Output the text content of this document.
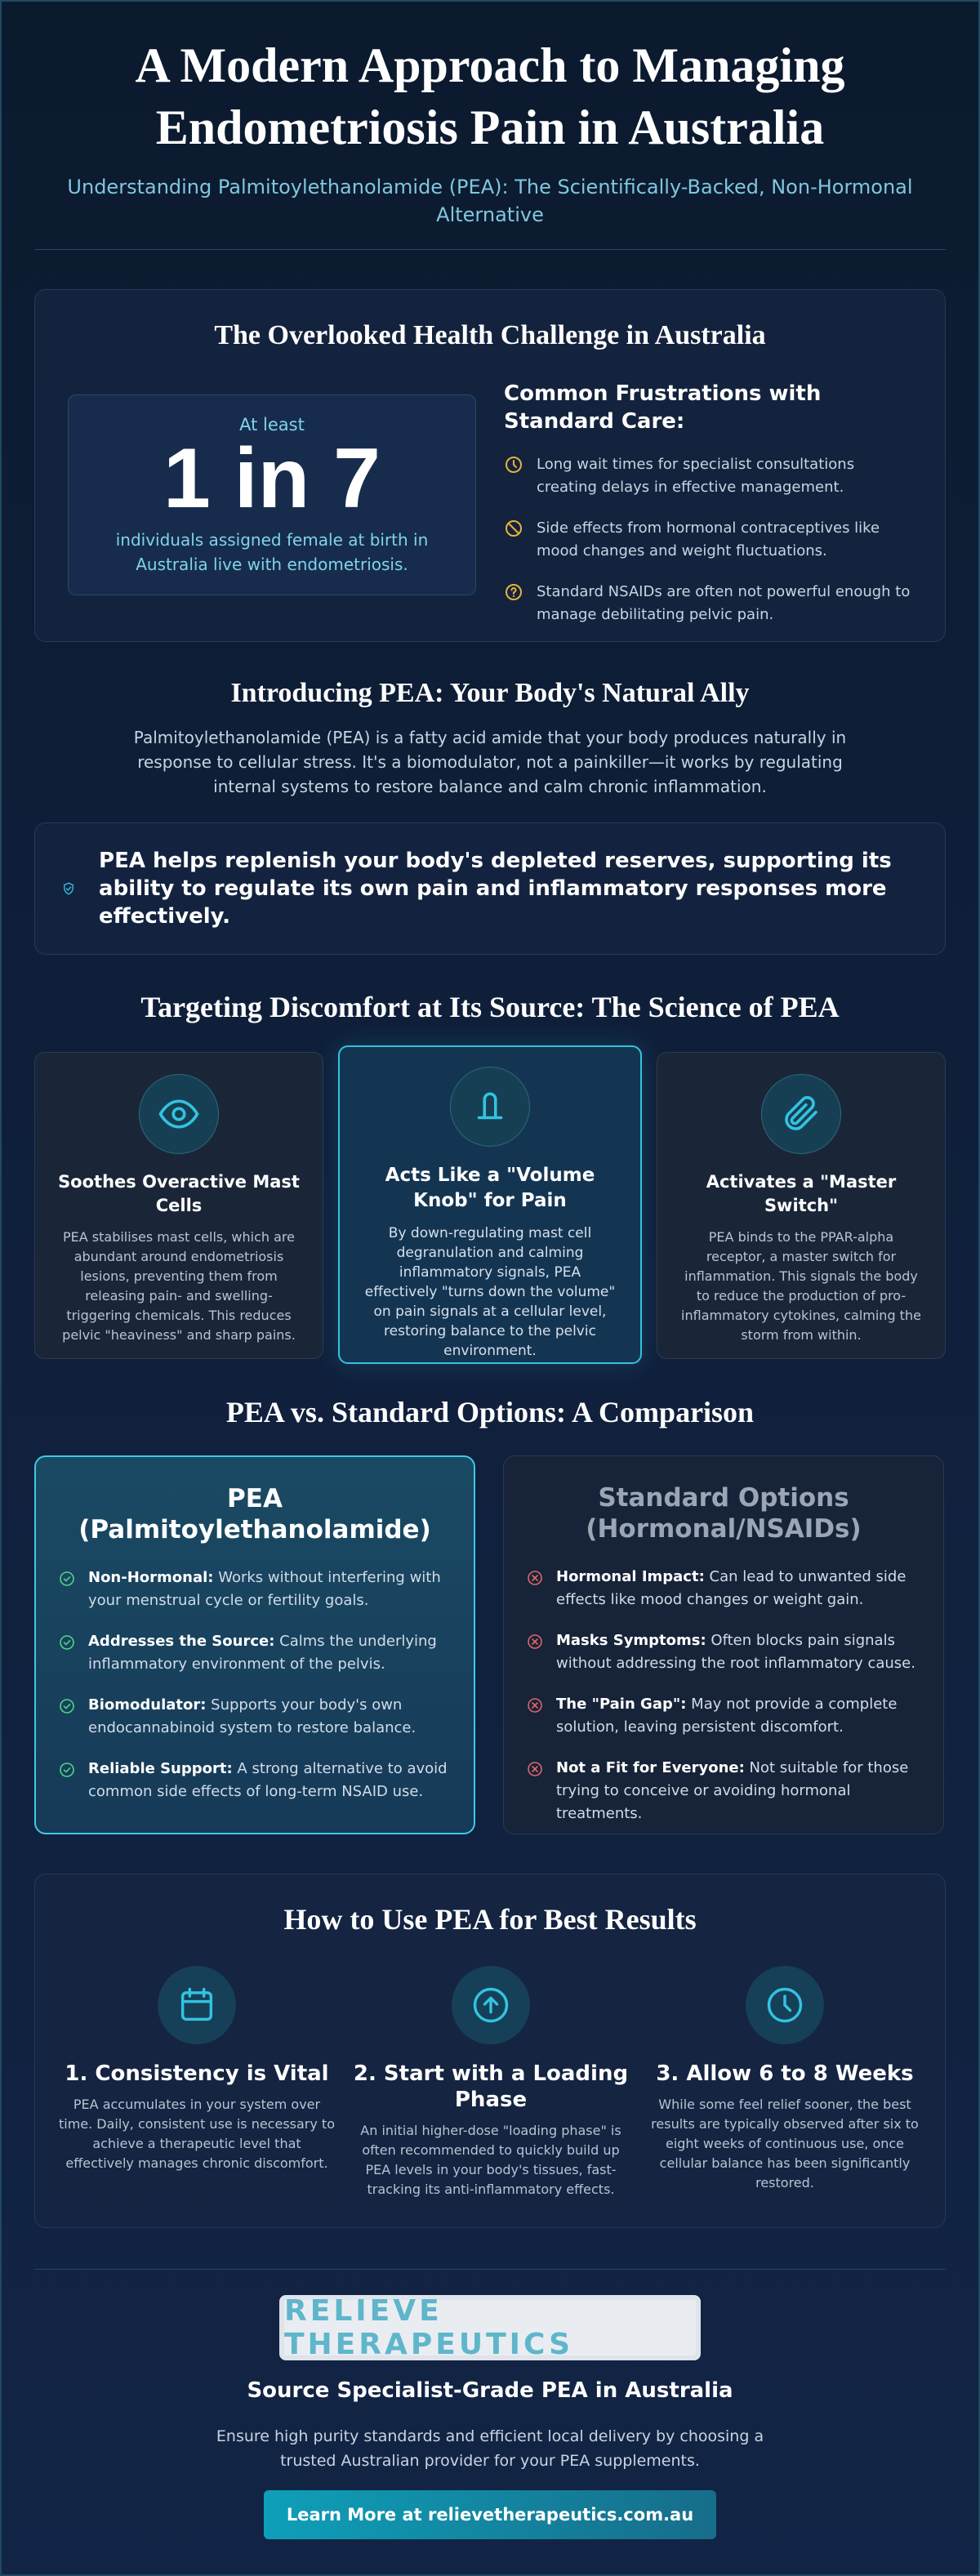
A Modern Approach to Managing
Endometriosis Pain in Australia

Understanding Palmitoylethanolamide (PEA): The Scientifically-Backed, Non-Hormonal Alternative

The Overlooked Health Challenge in Australia
At least
1 in 7
individuals assigned female at birth in Australia live with endometriosis.
Common Frustrations with Standard Care:
Long wait times for specialist consultations creating delays in effective management.
Side effects from hormonal contraceptives like mood changes and weight fluctuations.
Standard NSAIDs are often not powerful enough to manage debilitating pelvic pain.
Introducing PEA: Your Body's Natural Ally

Palmitoylethanolamide (PEA) is a fatty acid amide that your body produces naturally in response to cellular stress. It's a biomodulator, not a painkiller—it works by regulating internal systems to restore balance and calm chronic inflammation.

PEA helps replenish your body's depleted reserves, supporting its ability to regulate its own pain and inflammatory responses more effectively.
Targeting Discomfort at Its Source: The Science of PEA
Soothes Overactive Mast Cells
PEA stabilises mast cells, which are abundant around endometriosis lesions, preventing them from releasing pain- and swelling-triggering chemicals. This reduces pelvic "heaviness" and sharp pains.
Acts Like a "Volume Knob" for Pain
By down-regulating mast cell degranulation and calming inflammatory signals, PEA effectively "turns down the volume" on pain signals at a cellular level, restoring balance to the pelvic environment.
Activates a "Master Switch"
PEA binds to the PPAR-alpha receptor, a master switch for inflammation. This signals the body to reduce the production of pro-inflammatory cytokines, calming the storm from within.
PEA vs. Standard Options: A Comparison
PEA
(Palmitoylethanolamide)
Non-Hormonal: Works without interfering with your menstrual cycle or fertility goals.
Addresses the Source: Calms the underlying inflammatory environment of the pelvis.
Biomodulator: Supports your body's own endocannabinoid system to restore balance.
Reliable Support: A strong alternative to avoid common side effects of long-term NSAID use.
Standard Options
(Hormonal/NSAIDs)
Hormonal Impact: Can lead to unwanted side effects like mood changes or weight gain.
Masks Symptoms: Often blocks pain signals without addressing the root inflammatory cause.
The "Pain Gap": May not provide a complete solution, leaving persistent discomfort.
Not a Fit for Everyone: Not suitable for those trying to conceive or avoiding hormonal treatments.
How to Use PEA for Best Results
1. Consistency is Vital
PEA accumulates in your system over time. Daily, consistent use is necessary to achieve a therapeutic level that effectively manages chronic discomfort.
2. Start with a Loading Phase
An initial higher-dose "loading phase" is often recommended to quickly build up PEA levels in your body's tissues, fast-tracking its anti-inflammatory effects.
3. Allow 6 to 8 Weeks
While some feel relief sooner, the best results are typically observed after six to eight weeks of continuous use, once cellular balance has been significantly restored.
RELIEVE THERAPEUTICS
Source Specialist-Grade PEA in Australia
Ensure high purity standards and efficient local delivery by choosing a trusted Australian provider for your PEA supplements.
Learn More at relievetherapeutics.com.au
